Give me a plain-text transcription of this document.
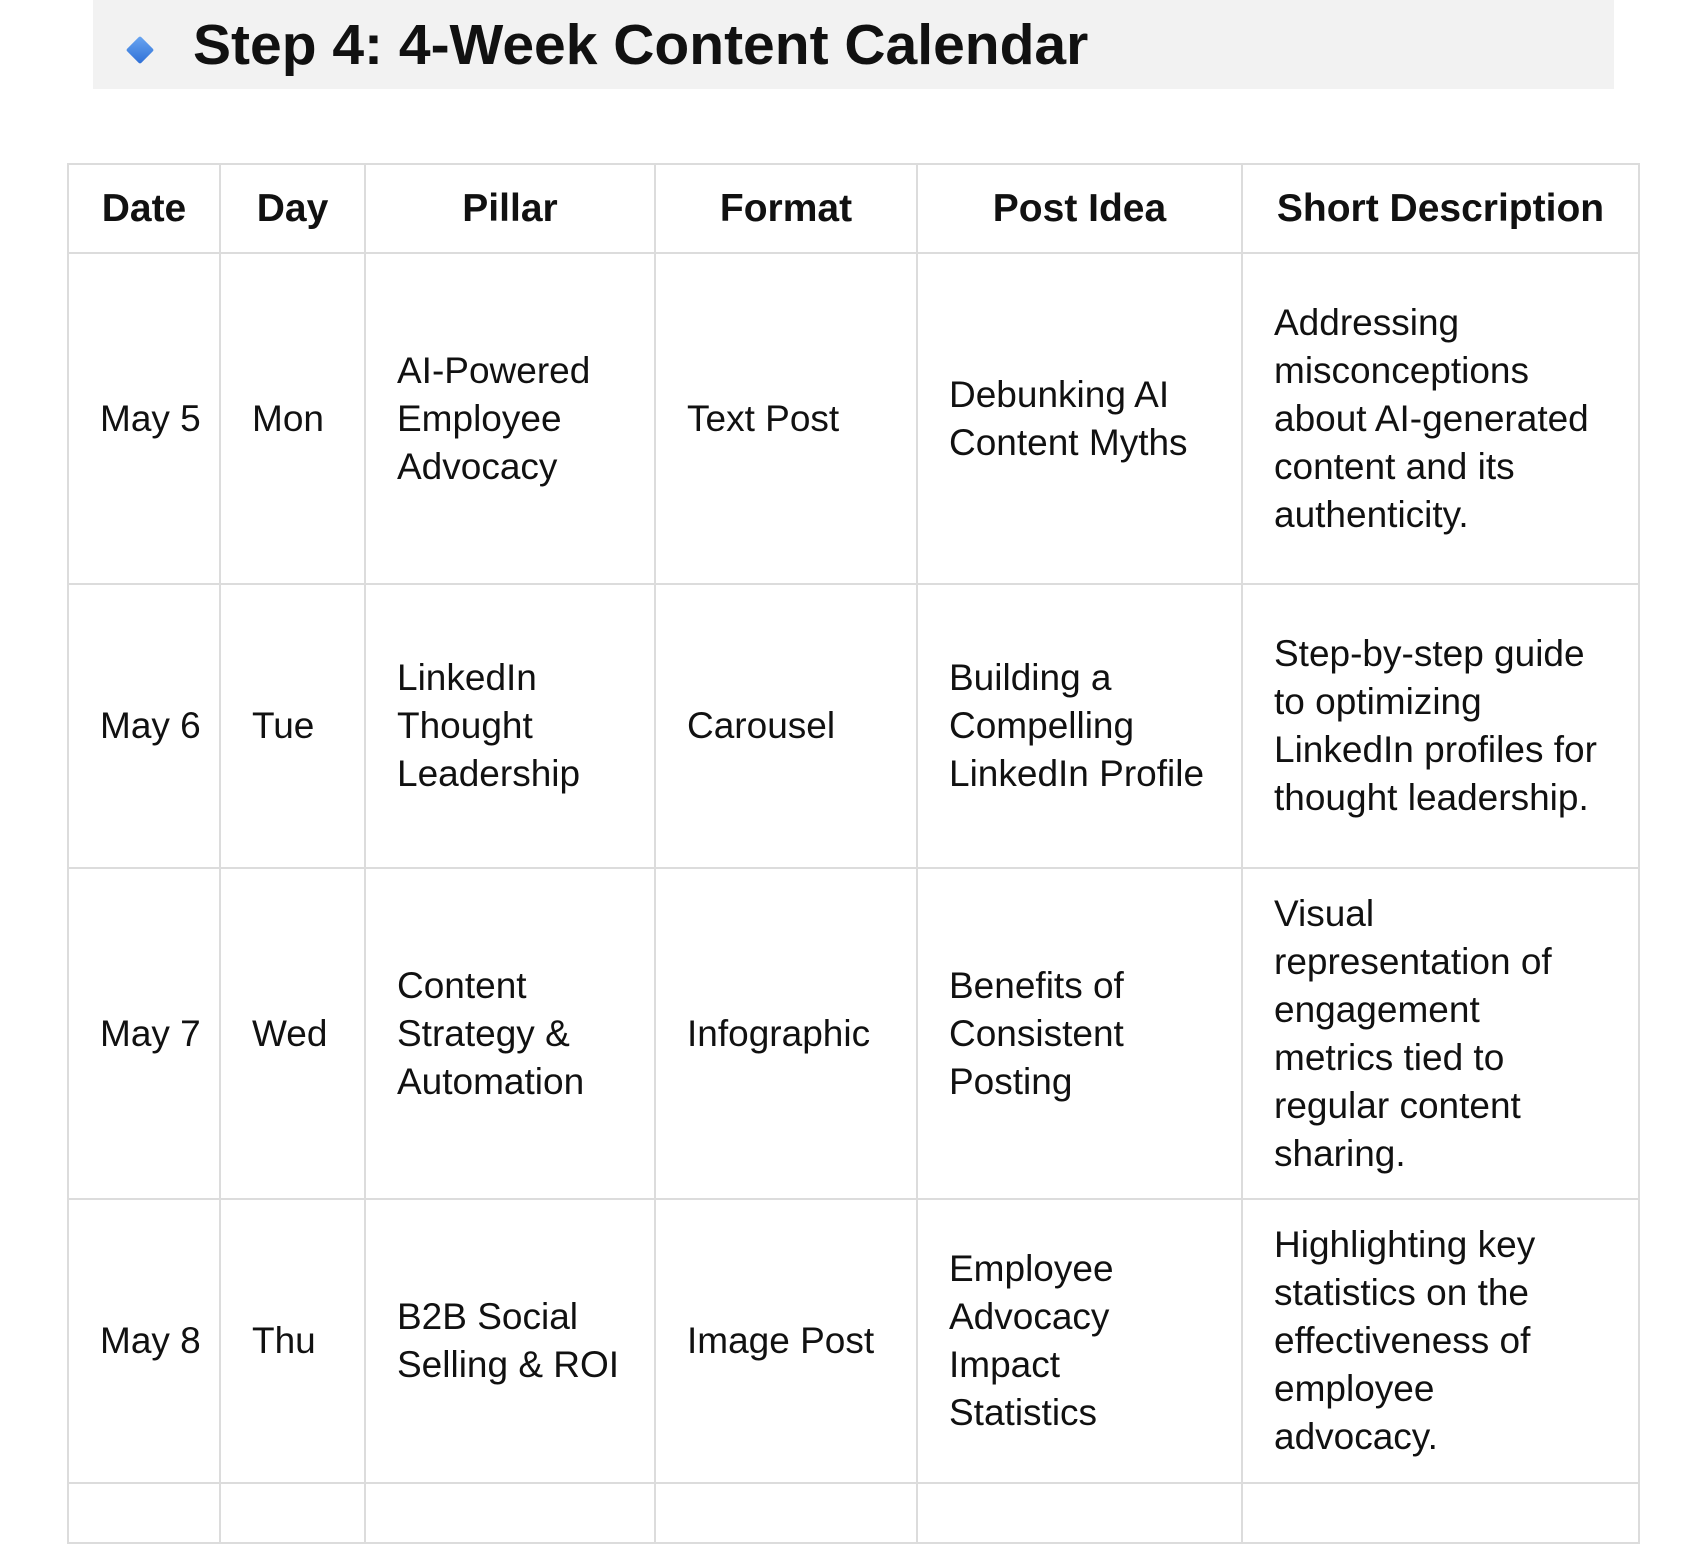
Step 4: 4-Week Content Calendar
Date	Day	Pillar	Format	Post Idea	Short Description
May 5	Mon	AI-Powered Employee Advocacy	Text Post	Debunking AI Content Myths	Addressing misconceptions about AI-generated content and its authenticity.
May 6	Tue	LinkedIn Thought Leadership	Carousel	Building a Compelling LinkedIn Profile	Step-by-step guide to optimizing LinkedIn profiles for thought leadership.
May 7	Wed	Content Strategy & Automation	Infographic	Benefits of Consistent Posting	Visual representation of engagement metrics tied to regular content sharing.
May 8	Thu	B2B Social Selling & ROI	Image Post	Employee Advocacy Impact Statistics	Highlighting key statistics on the effectiveness of employee advocacy.
